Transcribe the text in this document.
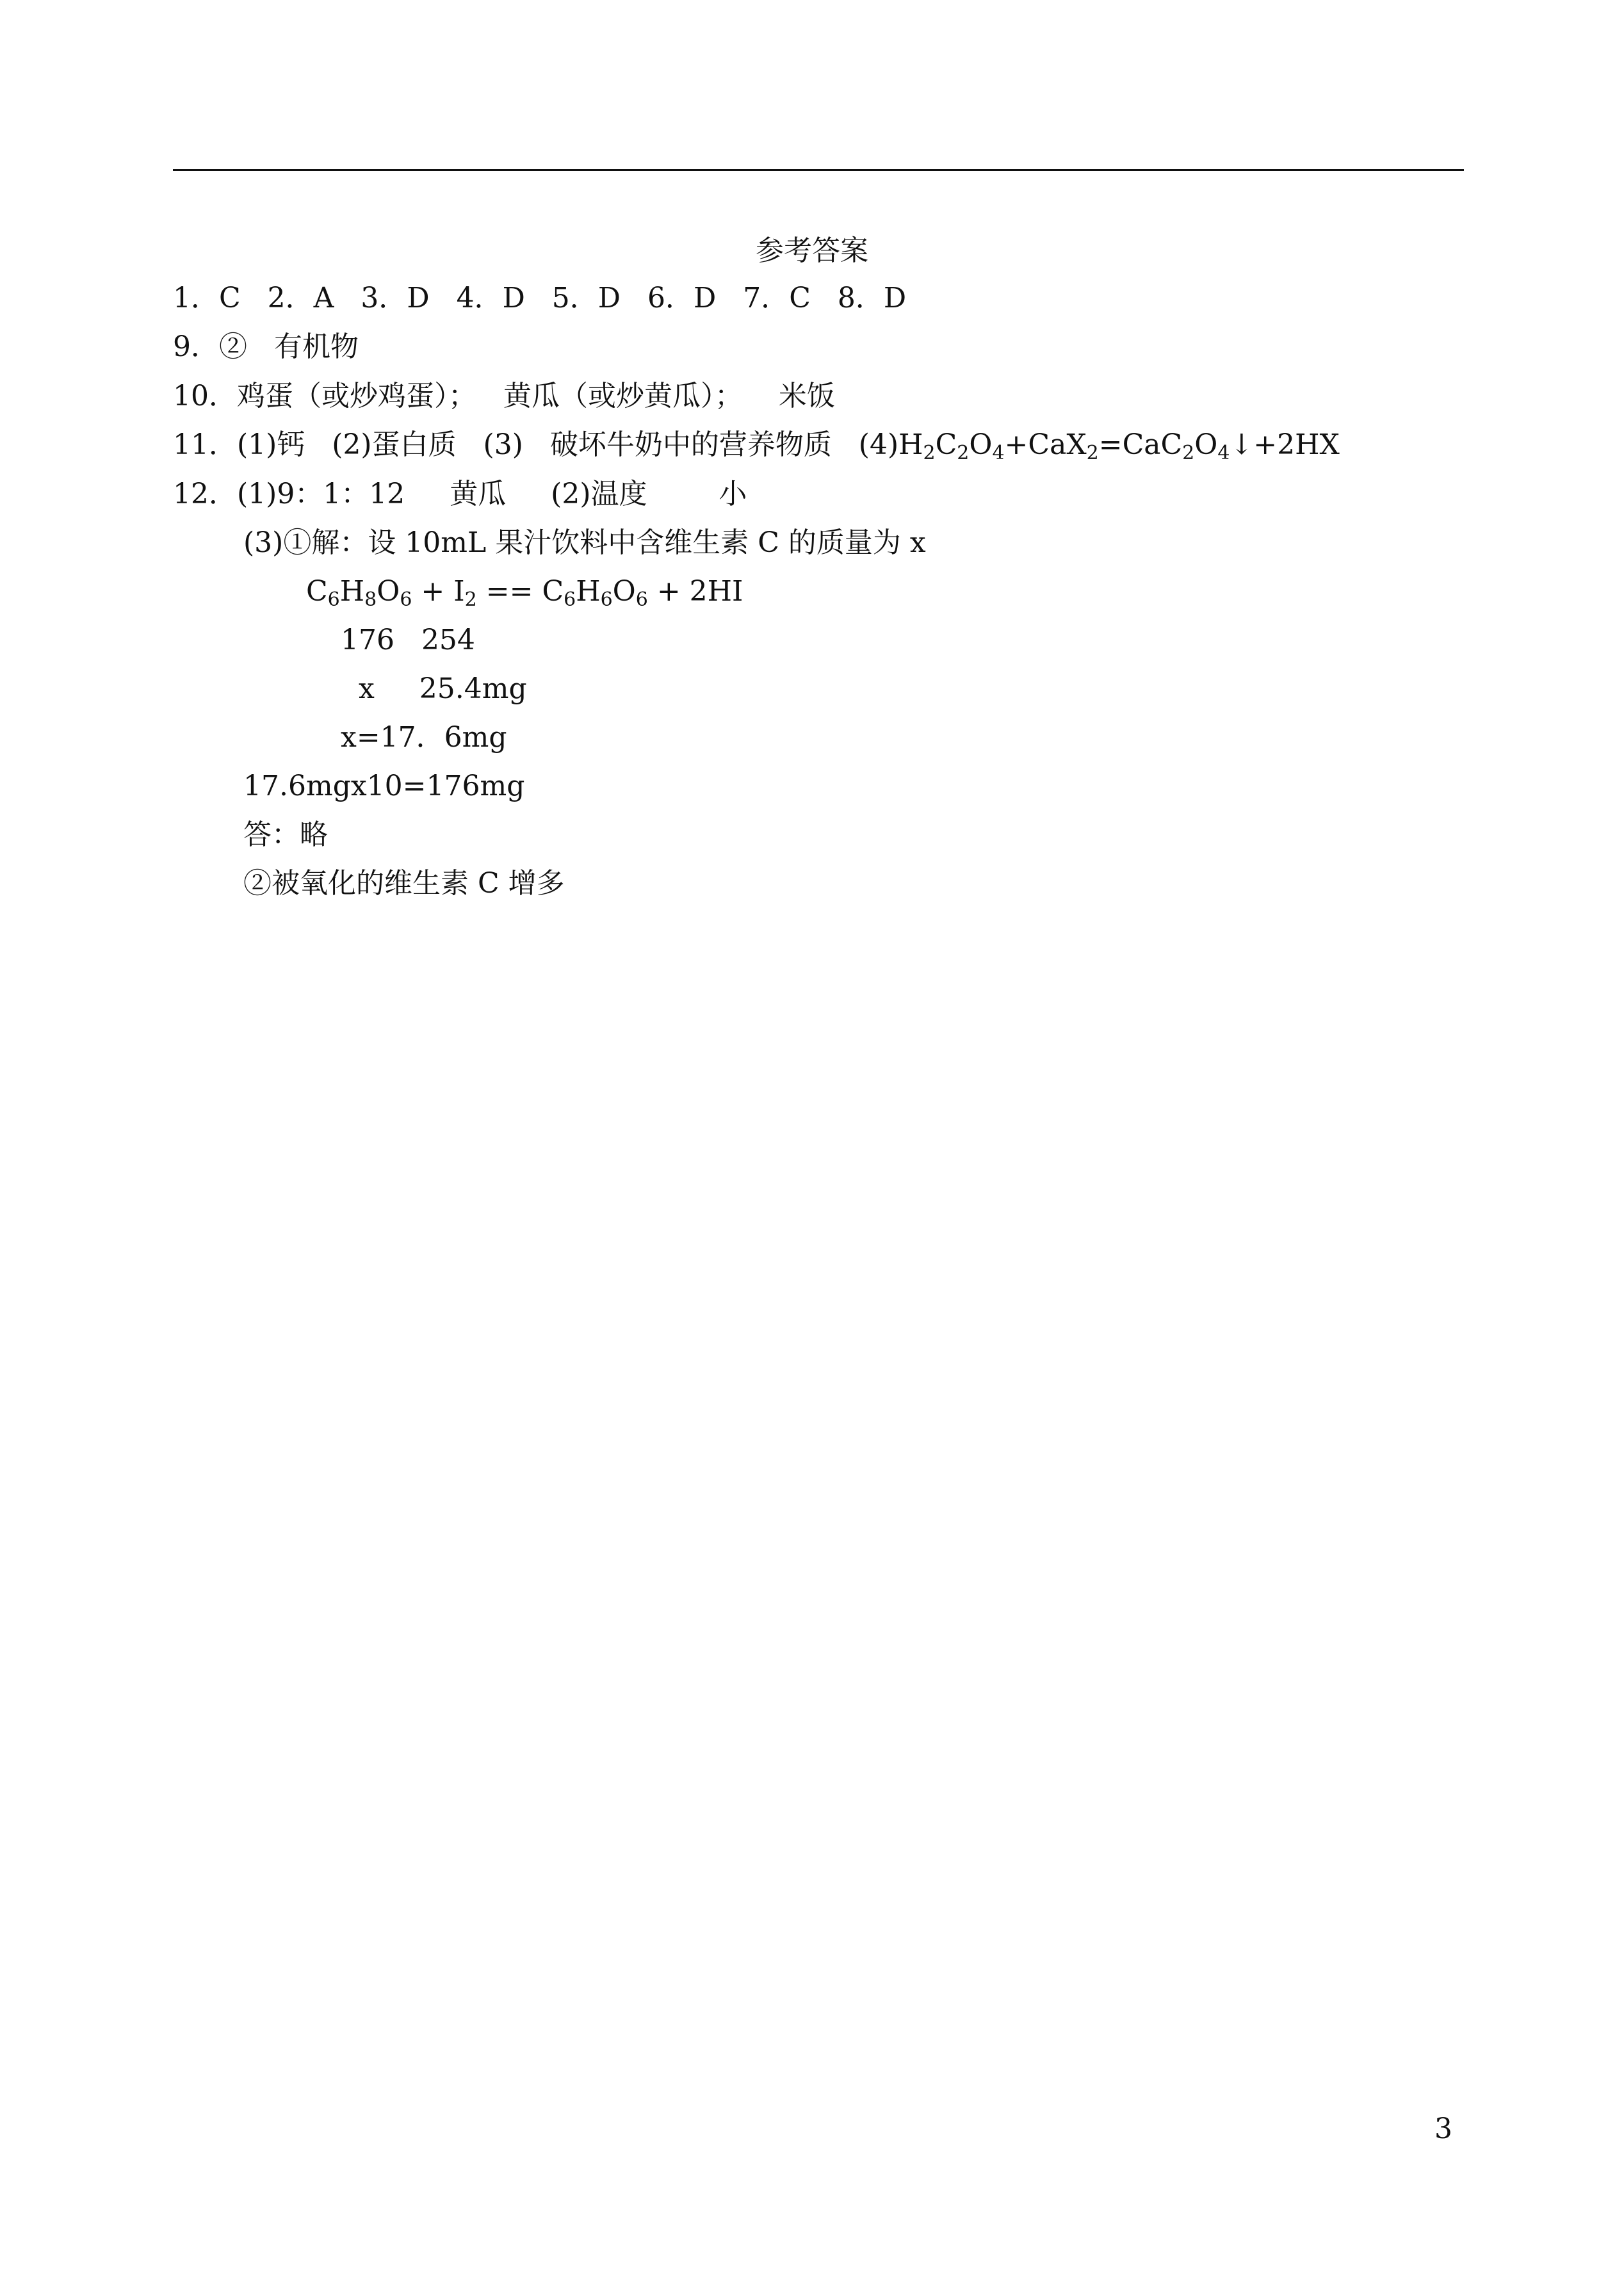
参考答案
1．C   2．A   3．D   4．D   5．D   6．D   7．C   8．D
9．②   有机物
10．鸡蛋（或炒鸡蛋）；   黄瓜（或炒黄瓜）；    米饭
11．(1)钙   (2)蛋白质   (3)   破坏牛奶中的营养物质   $(4)H_2C_2O_4+CaX_2=CaC_2O_4↓+2HX$
12．(1)9：1：12     黄瓜     (2)温度        小
(3)①解：设 10mL 果汁饮料中含维生素 C 的质量为 x
$C_6H_8O_6 + I_2 == C_6H_6O_6 + 2HI$
176   254
x     25.4mg
x=17．6mg
17.6mgx10=176mg
答：略
②被氧化的维生素 C 增多
3
